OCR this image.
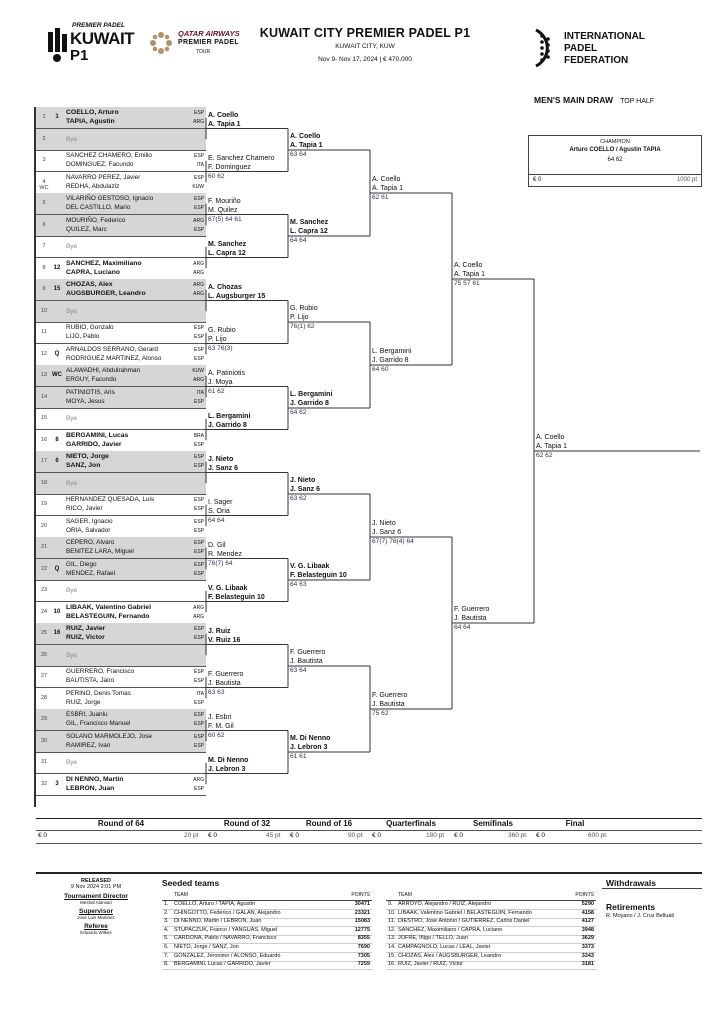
PREMIER PADEL
KUWAIT
P1
QATAR AIRWAYS
PREMIER PADEL
TOUR
KUWAIT CITY PREMIER PADEL P1
KUWAIT CITY, KUW
Nov 9- Nov 17, 2024 | € 470,000
INTERNATIONAL
PADEL
FEDERATION
MEN'S MAIN DRAW TOP HALF
CHAMPION
Arturo COELLO / Agustin TAPIA
64 62
€ 0	1000 pt
1	1
COELLO, Arturo	ESP
TAPIA, Agustin	ARG
2	Bye
3
SANCHEZ CHAMERO, Emilio	ESP
DOMINGUEZ, Facundo	ITA
4 WC
NAVARRO PEREZ, Javier	ESP
REDHA, Abdulaziz	KUW
5
VILARIÑO GESTOSO, Ignacio	ESP
DEL CASTILLO, Mario	ESP
6
MOURIÑO, Federico	ARG
QUILEZ, Marc	ESP
7	Bye
8	12
SANCHEZ, Maximiliano	ARG
CAPRA, Luciano	ARG
9	15
CHOZAS, Alex	ARG
AUGSBURGER, Leandro	ARG
10	Bye
11
RUBIO, Gonzalo	ESP
LIJO, Pablo	ESP
12	Q
ARNALDOS SERRANO, Gerard	ESP
RODRIGUEZ MARTINEZ, Alonso	ESP
13 WC
ALAWADHI, Abdulrahman	KUW
ERGUY, Facundo	ARG
14
PATINIOTIS, Aris	ITA
MOYA, Jesus	ESP
15	Bye
16	8
BERGAMINI, Lucas	BRA
GARRIDO, Javier	ESP
17	6
NIETO, Jorge	ESP
SANZ, Jon	ESP
18	Bye
19
HERNANDEZ QUESADA, Luis	ESP
RICO, Javier	ESP
20
SAGER, Ignacio	ESP
ORIA, Salvador	ESP
21
CEPERO, Alvaro	ESP
BENITEZ LARA, Miguel	ESP
22	Q
GIL, Diego	ESP
MENDEZ, Rafael	ESP
23	Bye
24	10
LIBAAK, Valentino Gabriel	ARG
BELASTEGUIN, Fernando	ARG
25	16
RUIZ, Javier	ESP
RUIZ, Victor	ESP
26	Bye
27
GUERRERO, Francisco	ESP
BAUTISTA, Jairo	ESP
28
PERINO, Denis Tomas	ITA
RUIZ, Jorge	ESP
29
ESBRI, Juanlu	ESP
GIL, Francisco Manuel	ESP
30
SOLANO MARMOLEJO, Jose	ESP
RAMIREZ, Ivan	ESP
31	Bye
32	3
DI NENNO, Martin	ARG
LEBRON, Juan	ESP
A. Coello
A. Tapia 1
E. Sanchez Chamero
F. Dominguez
60 62
F. Mouriño
M. Quilez
67(5) 64 61
M. Sanchez
L. Capra 12
A. Chozas
L. Augsburger 15
G. Rubio
P. Lijo
63 76(3)
A. Patiniotis
J. Moya
61 62
L. Bergamini
J. Garrido 8
J. Nieto
J. Sanz 6
I. Sager
S. Oria
64 64
D. Gil
R. Mendez
76(7) 64
V. G. Libaak
F. Belasteguin 10
J. Ruiz
V. Ruiz 16
F. Guerrero
J. Bautista
63 63
J. Esbri
F. M. Gil
60 62
M. Di Nenno
J. Lebron 3
A. Coello
A. Tapia 1
63 64
M. Sanchez
L. Capra 12
64 64
G. Rubio
P. Lijo
76(1) 62
L. Bergamini
J. Garrido 8
64 62
J. Nieto
J. Sanz 6
63 62
V. G. Libaak
F. Belasteguin 10
64 63
F. Guerrero
J. Bautista
63 64
M. Di Nenno
J. Lebron 3
61 61
A. Coello
A. Tapia 1
62 61
L. Bergamini
J. Garrido 8
64 60
J. Nieto
J. Sanz 6
67(7) 76(4) 64
F. Guerrero
J. Bautista
75 62
A. Coello
A. Tapia 1
75 57 61
F. Guerrero
J. Bautista
64 64
A. Coello
A. Tapia 1
62 62
Round of 64	Round of 32	Round of 16	Quarterfinals	Semifinals	Final
€ 0	20 pt € 0	45 pt € 0	90 pt € 0	180 pt € 0	360 pt € 0	600 pt
RELEASED
9 Nov 2024 2:01 PM
Tournament Director
Meshal Alansari
Supervisor
Jose Luis Martinez
Referee
Eduardo Wilkes
Seeded teams	Withdrawals
Retirements
R. Moyano / J. Cruz Belluati
TEAM	POINTS
1. COELLO, Arturo / TAPIA, Agustin	30471
2. CHINGOTTO, Federico / GALAN, Alejandro	23321
3. DI NENNO, Martin / LEBRON, Juan	15083
4. STUPACZUK, Franco / YANGUAS, Miguel	12775
5. CARDONA, Pablo / NAVARRO, Francisco	8355
6. NIETO, Jorge / SANZ, Jon	7690
7. GONZALEZ, Jeronimo / ALONSO, Eduardo	7305
8. BERGAMINI, Lucas / GARRIDO, Javier	7259
TEAM	POINTS
9. ARROYO, Alejandro / RUIZ, Alejandro	5290
10. LIBAAK, Valentino Gabriel / BELASTEGUIN, Fernando	4158
11. DIESTRO, Jose Antonio / GUTIERREZ, Carlos Daniel	4127
12. SANCHEZ, Maximiliano / CAPRA, Luciano	3948
13. JOFRE, Iñigo / TELLO, Juan	3629
14. CAMPAGNOLO, Lucas / LEAL, Javier	3373
15. CHOZAS, Alex / AUGSBURGER, Leandro	3343
16. RUIZ, Javier / RUIZ, Victor	3181
